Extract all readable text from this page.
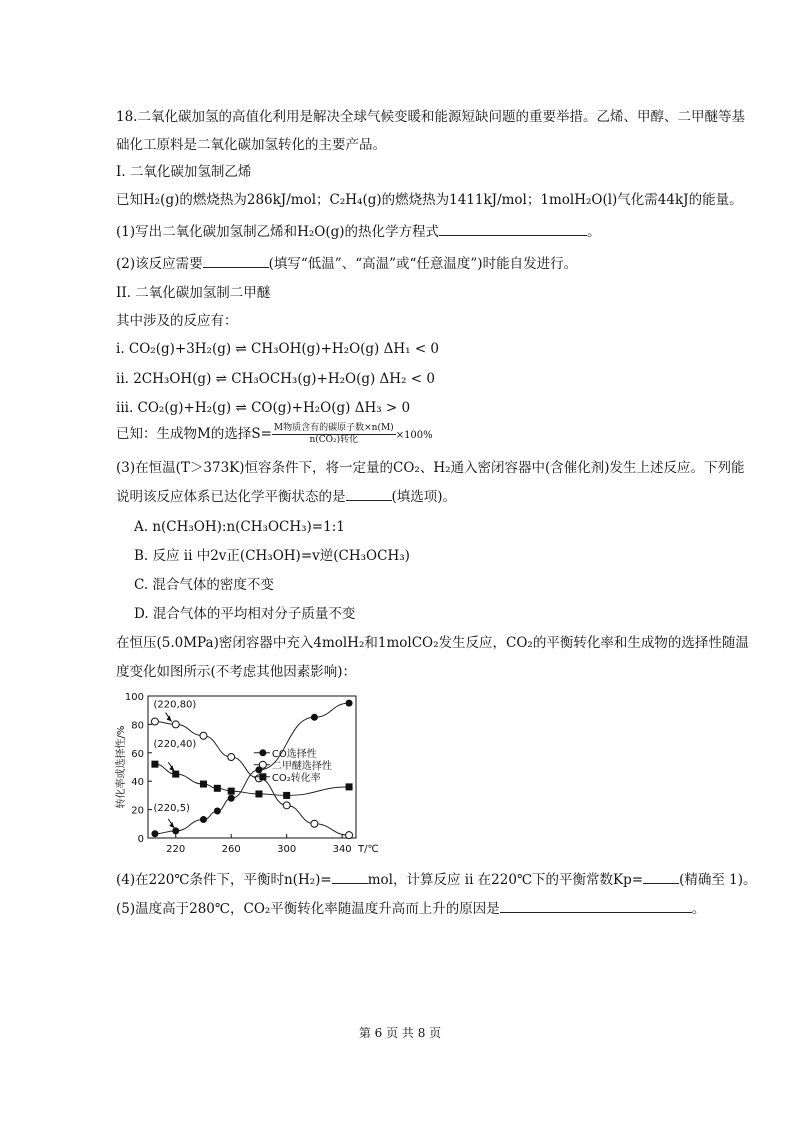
18.二氧化碳加氢的高值化利用是解决全球气候变暖和能源短缺问题的重要举措。乙烯、甲醇、二甲醚等基
础化工原料是二氧化碳加氢转化的主要产品。
I. 二氧化碳加氢制乙烯
已知H₂(g)的燃烧热为286kJ/mol；C₂H₄(g)的燃烧热为1411kJ/mol；1molH₂O(l)气化需44kJ的能量。
(1)写出二氧化碳加氢制乙烯和H₂O(g)的热化学方程式	。
(2)该反应需要	(填写“低温”、“高温”或“任意温度”)时能自发进行。
II. 二氧化碳加氢制二甲醚
其中涉及的反应有：
i. CO₂(g)+3H₂(g) ⇌ CH₃OH(g)+H₂O(g) ΔH₁ < 0
ii. 2CH₃OH(g) ⇌ CH₃OCH₃(g)+H₂O(g) ΔH₂ < 0
iii. CO₂(g)+H₂(g) ⇌ CO(g)+H₂O(g) ΔH₃ > 0
已知：生成物M的选择$S= \frac{\text{M物质含有的碳原子数×n(M)}}{\text{n(CO₂)转化}} \times 100\%$
(3)在恒温(T＞373K)恒容条件下，将一定量的CO₂、H₂通入密闭容器中(含催化剂)发生上述反应。下列能
说明该反应体系已达化学平衡状态的是	(填选项)。
A. n(CH₃OH):n(CH₃OCH₃)=1:1
B. 反应 ii 中2v正(CH₃OH)=v逆(CH₃OCH₃)
C. 混合气体的密度不变
D. 混合气体的平均相对分子质量不变
在恒压(5.0MPa)密闭容器中充入4molH₂和1molCO₂发生反应，CO₂的平衡转化率和生成物的选择性随温
度变化如图所示(不考虑其他因素影响)：
0
20
40
60
80
100
220	260	300	340 T/℃
转化率或选择性/%	CO选择性
二甲醚选择性
CO₂转化率
(220,80)
(220,40)
(220,5)
(4)在220℃条件下，平衡时n(H₂)=	mol，计算反应 ii 在220℃下的平衡常数Kp=	(精确至 1)。
(5)温度高于280℃，CO₂平衡转化率随温度升高而上升的原因是	。
第 6 页 共 8 页
